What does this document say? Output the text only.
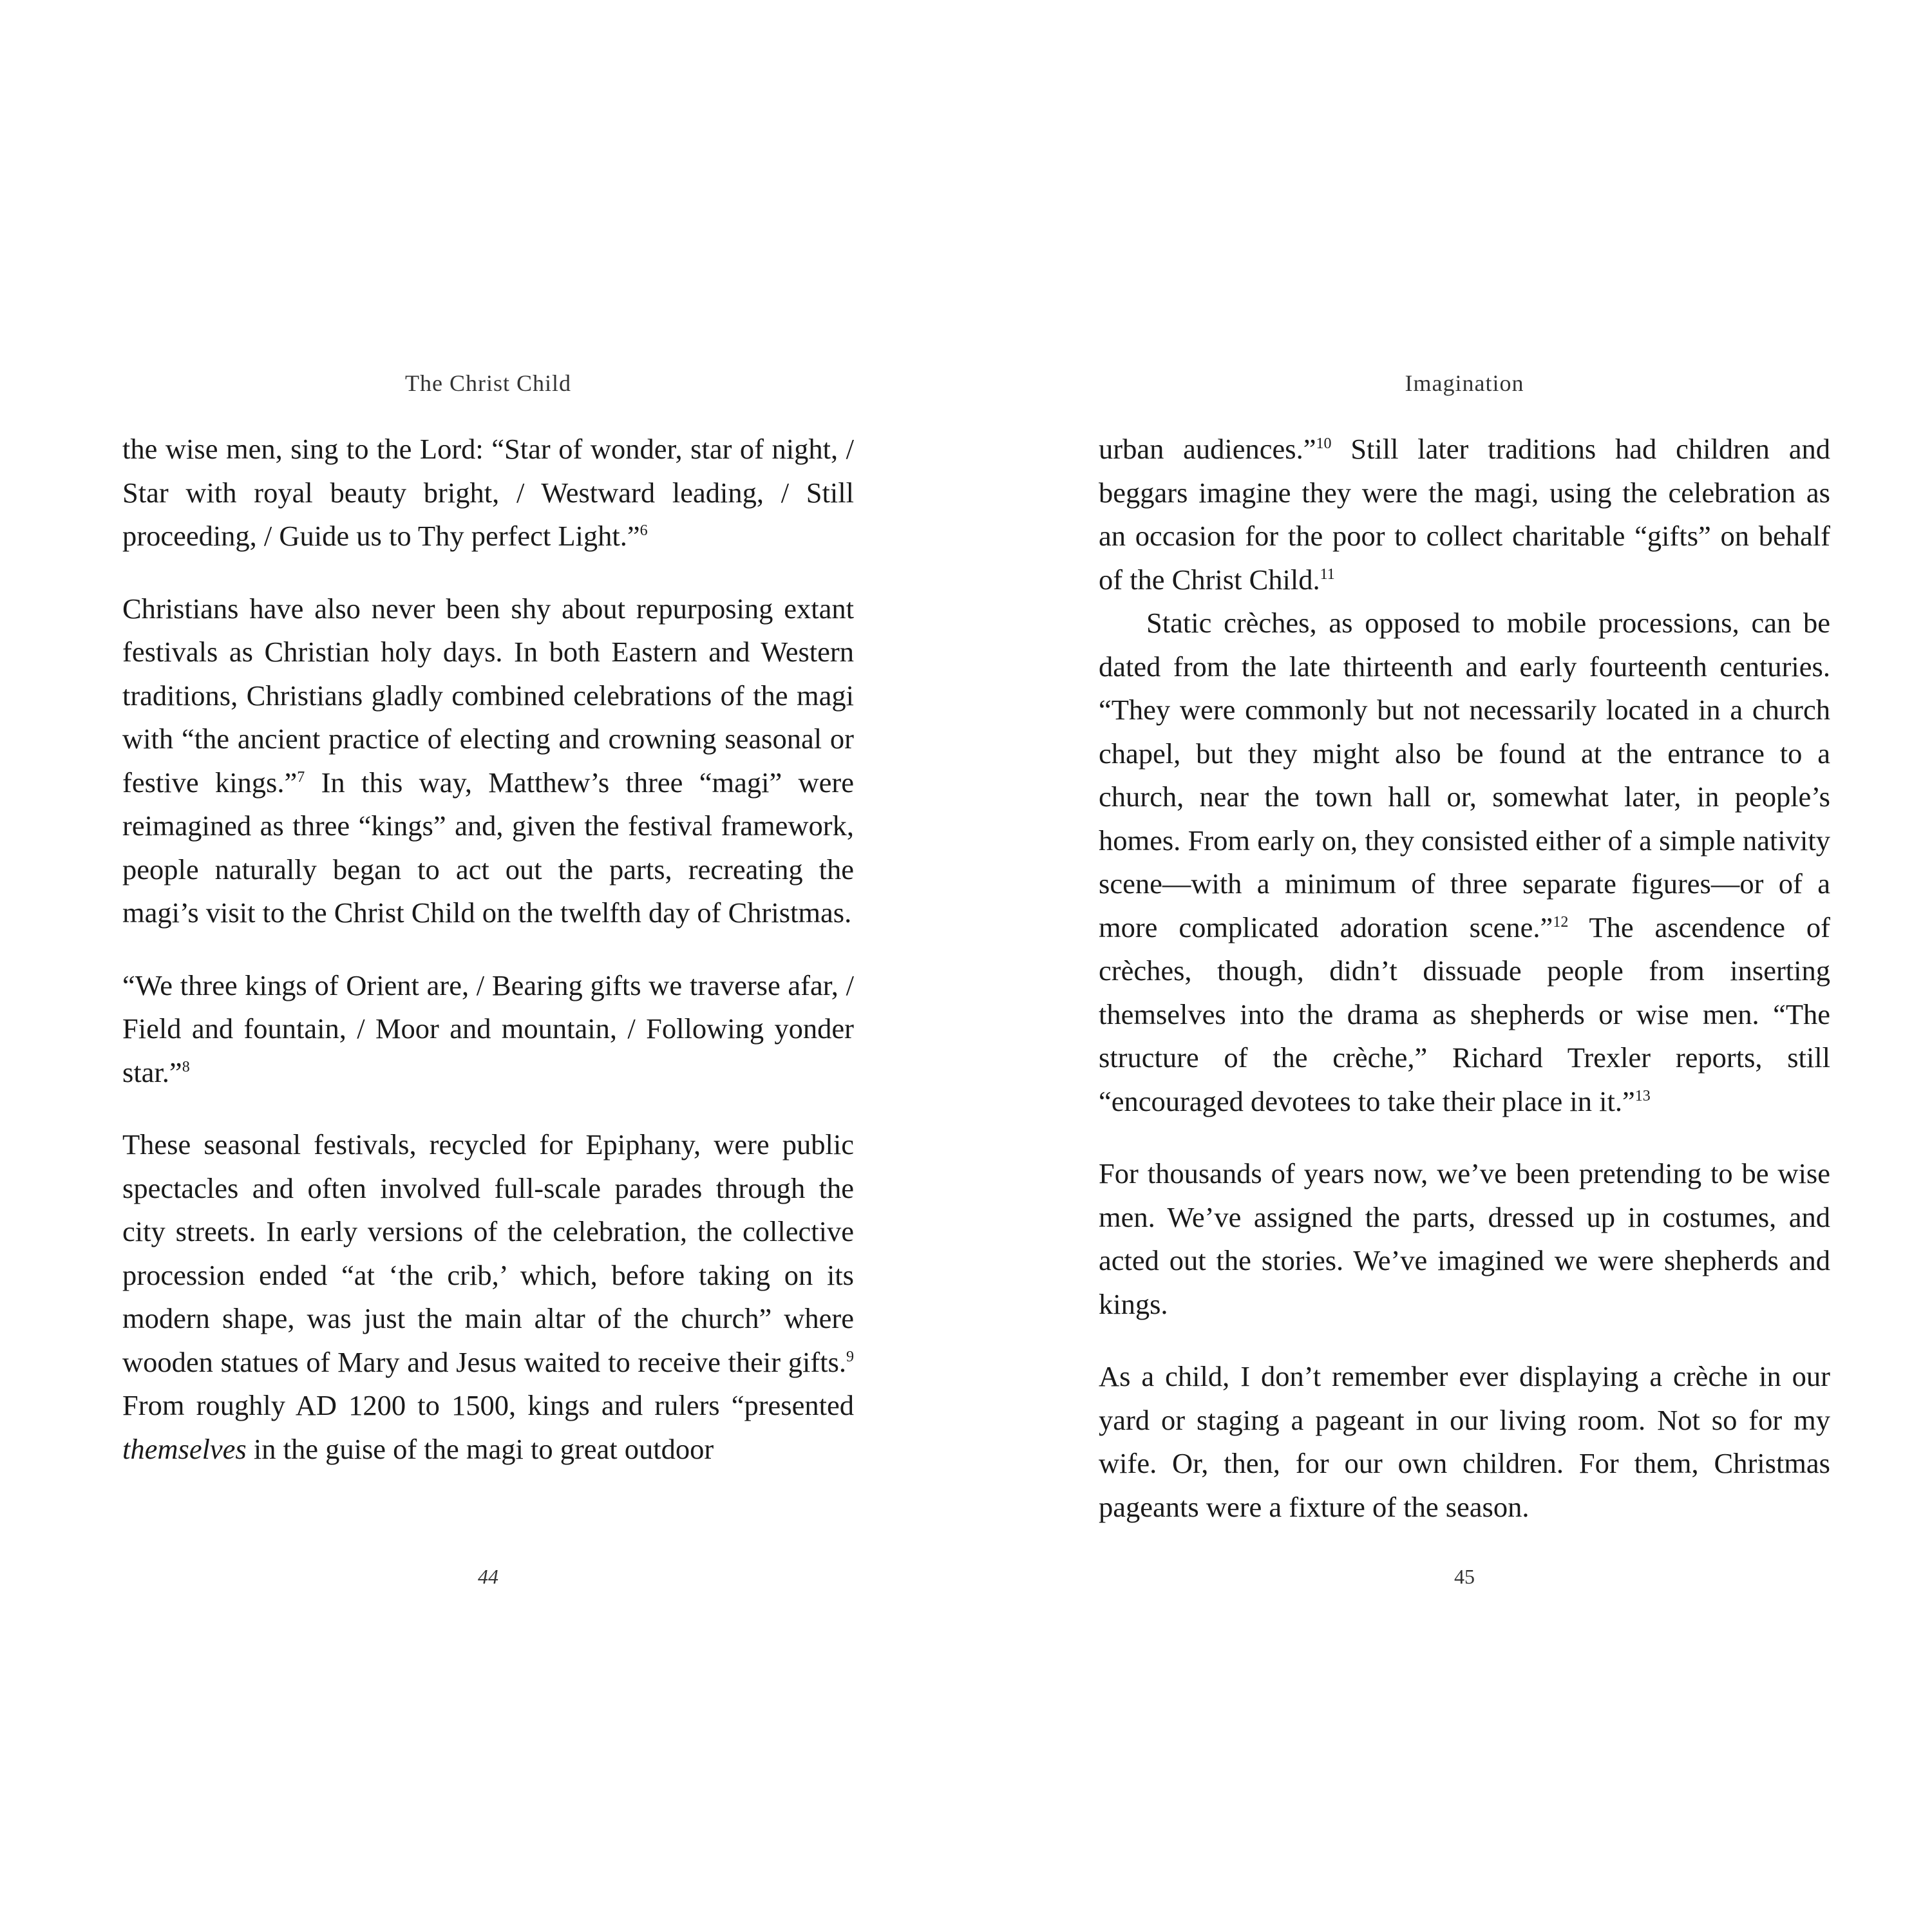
The Christ Child

the wise men, sing to the Lord: “Star of wonder, star of night, / Star with royal beauty bright, / Westward leading, / Still proceeding, / Guide us to Thy perfect Light.”$^6$

Christians have also never been shy about repurposing extant festivals as Christian holy days. In both Eastern and Western traditions, Christians gladly combined celebrations of the magi with “the ancient practice of electing and crowning seasonal or festive kings.”$^7$ In this way, Matthew’s three “magi” were reimagined as three “kings” and, given the festival framework, people naturally began to act out the parts, recreating the magi’s visit to the Christ Child on the twelfth day of Christmas.

“We three kings of Orient are, / Bearing gifts we traverse afar, / Field and fountain, / Moor and mountain, / Following yonder star.”$^8$

These seasonal festivals, recycled for Epiphany, were public spectacles and often involved full-scale parades through the city streets. In early versions of the celebration, the collective procession ended “at ‘the crib,’ which, before taking on its modern shape, was just the main altar of the church” where wooden statues of Mary and Jesus waited to receive their gifts.$^9$ From roughly AD 1200 to 1500, kings and rulers “presented themselves in the guise of the magi to great outdoor

44
Imagination

urban audiences.”$^{10}$ Still later traditions had children and beggars imagine they were the magi, using the celebration as an occasion for the poor to collect charitable “gifts” on behalf of the Christ Child.$^{11}$

Static crèches, as opposed to mobile processions, can be dated from the late thirteenth and early fourteenth centuries. “They were commonly but not necessarily located in a church chapel, but they might also be found at the entrance to a church, near the town hall or, somewhat later, in people’s homes. From early on, they consisted either of a simple nativity scene—with a minimum of three separate figures—or of a more complicated adoration scene.”$^{12}$ The ascendence of crèches, though, didn’t dissuade people from inserting themselves into the drama as shepherds or wise men. “The structure of the crèche,” Richard Trexler reports, still “encouraged devotees to take their place in it.”$^{13}$

For thousands of years now, we’ve been pretending to be wise men. We’ve assigned the parts, dressed up in costumes, and acted out the stories. We’ve imagined we were shepherds and kings.

As a child, I don’t remember ever displaying a crèche in our yard or staging a pageant in our living room. Not so for my wife. Or, then, for our own children. For them, Christmas pageants were a fixture of the season.

45
